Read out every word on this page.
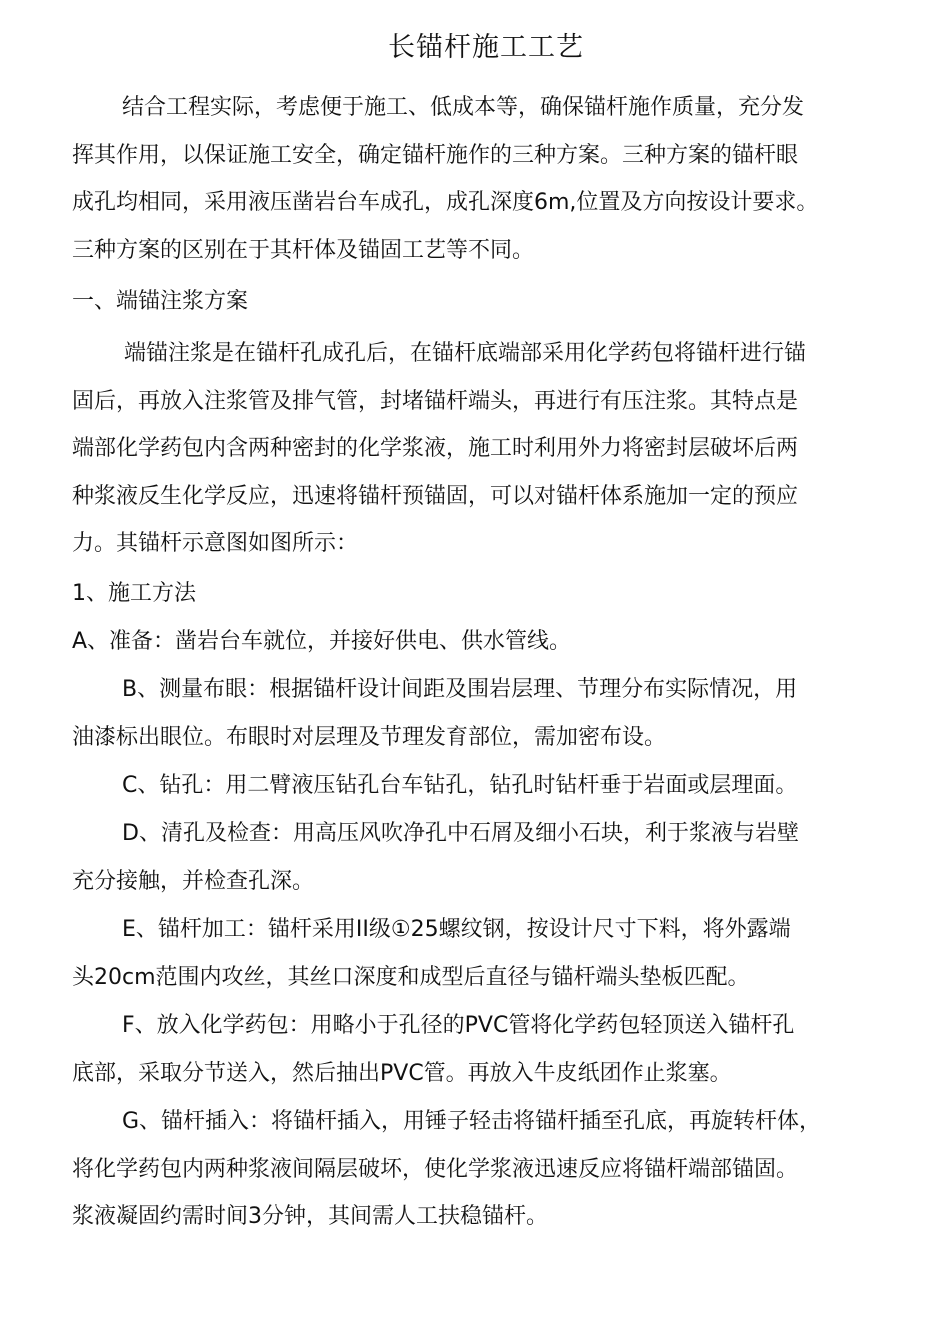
长锚杆施工工艺
结合工程实际，考虑便于施工、低成本等，确保锚杆施作质量，充分发
挥其作用，以保证施工安全，确定锚杆施作的三种方案。三种方案的锚杆眼
成孔均相同，采用液压凿岩台车成孔，成孔深度6m,位置及方向按设计要求。
三种方案的区别在于其杆体及锚固工艺等不同。
一、端锚注浆方案
端锚注浆是在锚杆孔成孔后，在锚杆底端部采用化学药包将锚杆进行锚
固后，再放入注浆管及排气管，封堵锚杆端头，再进行有压注浆。其特点是
端部化学药包内含两种密封的化学浆液，施工时利用外力将密封层破坏后两
种浆液反生化学反应，迅速将锚杆预锚固，可以对锚杆体系施加一定的预应
力。其锚杆示意图如图所示：
1、施工方法
A、准备：凿岩台车就位，并接好供电、供水管线。
B、测量布眼：根据锚杆设计间距及围岩层理、节理分布实际情况，用
油漆标出眼位。布眼时对层理及节理发育部位，需加密布设。
C、钻孔：用二臂液压钻孔台车钻孔，钻孔时钻杆垂于岩面或层理面。
D、清孔及检查：用高压风吹净孔中石屑及细小石块，利于浆液与岩壁
充分接触，并检查孔深。
E、锚杆加工：锚杆采用II级①25螺纹钢，按设计尺寸下料，将外露端
头20cm范围内攻丝，其丝口深度和成型后直径与锚杆端头垫板匹配。
F、放入化学药包：用略小于孔径的PVC管将化学药包轻顶送入锚杆孔
底部，采取分节送入，然后抽出PVC管。再放入牛皮纸团作止浆塞。
G、锚杆插入：将锚杆插入，用锤子轻击将锚杆插至孔底，再旋转杆体，
将化学药包内两种浆液间隔层破坏，使化学浆液迅速反应将锚杆端部锚固。
浆液凝固约需时间3分钟，其间需人工扶稳锚杆。
